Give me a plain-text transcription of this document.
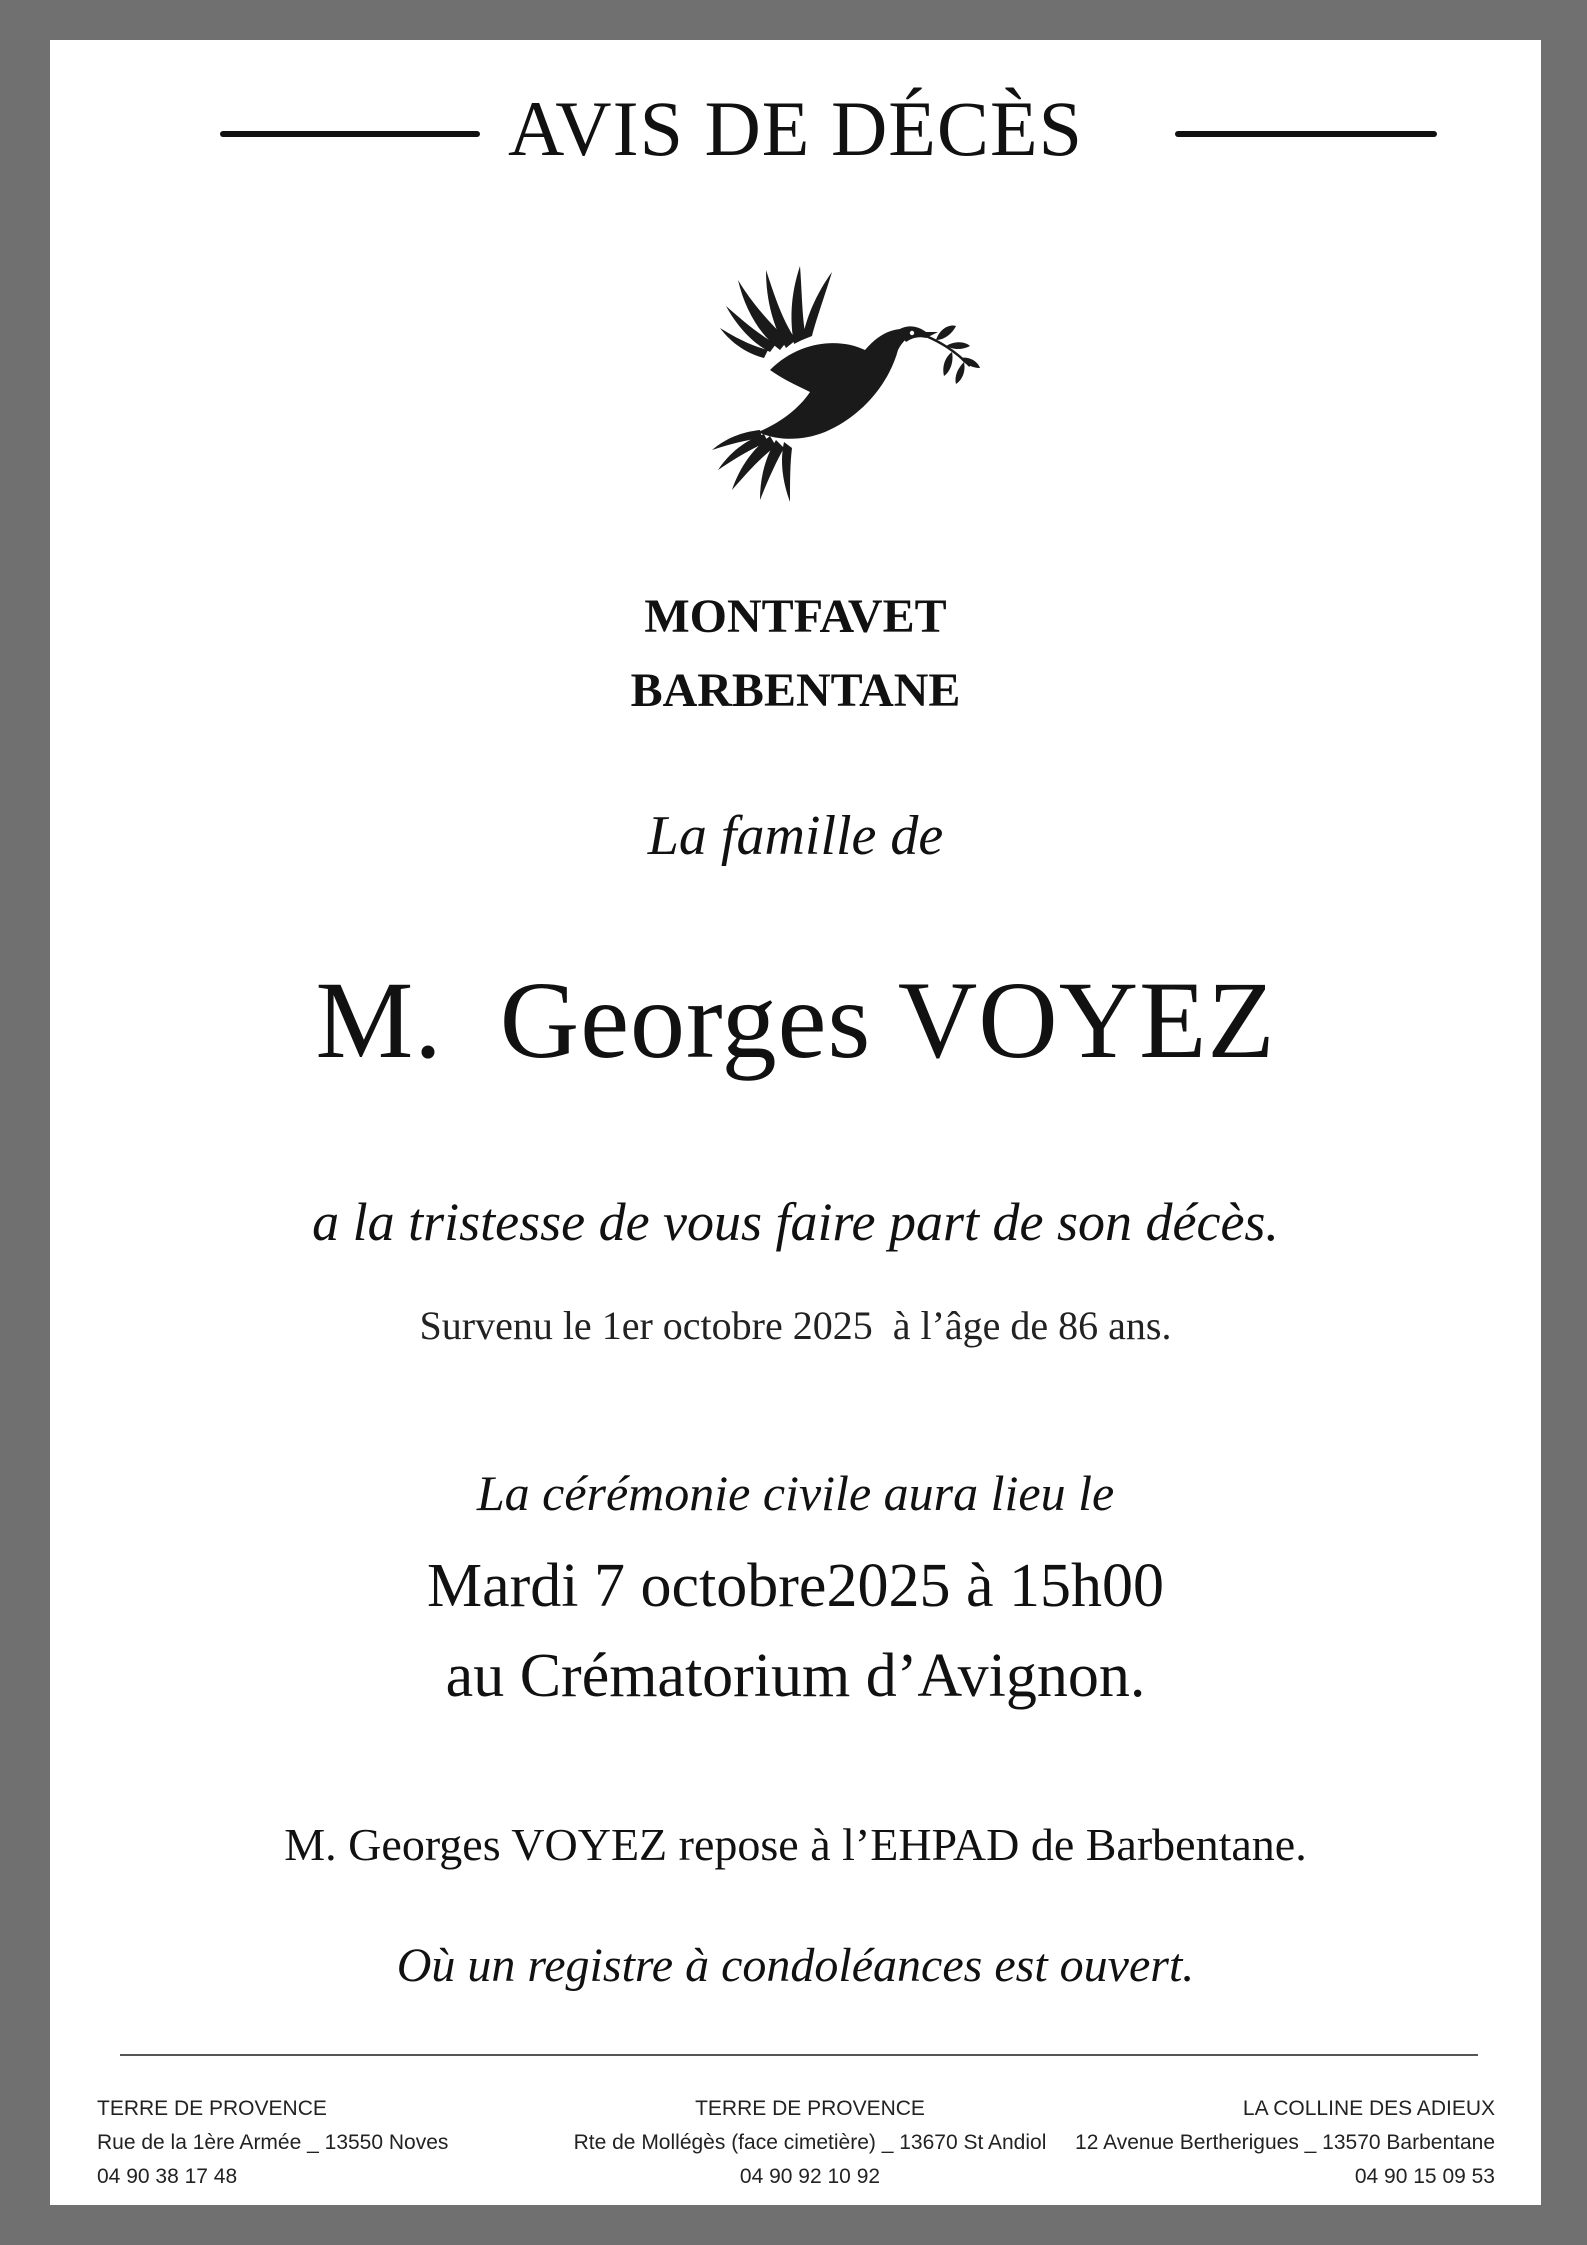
AVIS DE DÉCÈS
MONTFAVET
BARBENTANE
La famille de
M.  Georges VOYEZ
a la tristesse de vous faire part de son décès.
Survenu le 1er octobre 2025  à l’âge de 86 ans.
La cérémonie civile aura lieu le
Mardi 7 octobre2025 à 15h00
au Crématorium d’Avignon.
M. Georges VOYEZ repose à l’EHPAD de Barbentane.
Où un registre à condoléances est ouvert.
TERRE DE PROVENCE
Rue de la 1ère Armée _ 13550 Noves
04 90 38 17 48
TERRE DE PROVENCE
Rte de Mollégès (face cimetière) _ 13670 St Andiol
04 90 92 10 92
LA COLLINE DES ADIEUX
12 Avenue Bertherigues _ 13570 Barbentane
04 90 15 09 53
